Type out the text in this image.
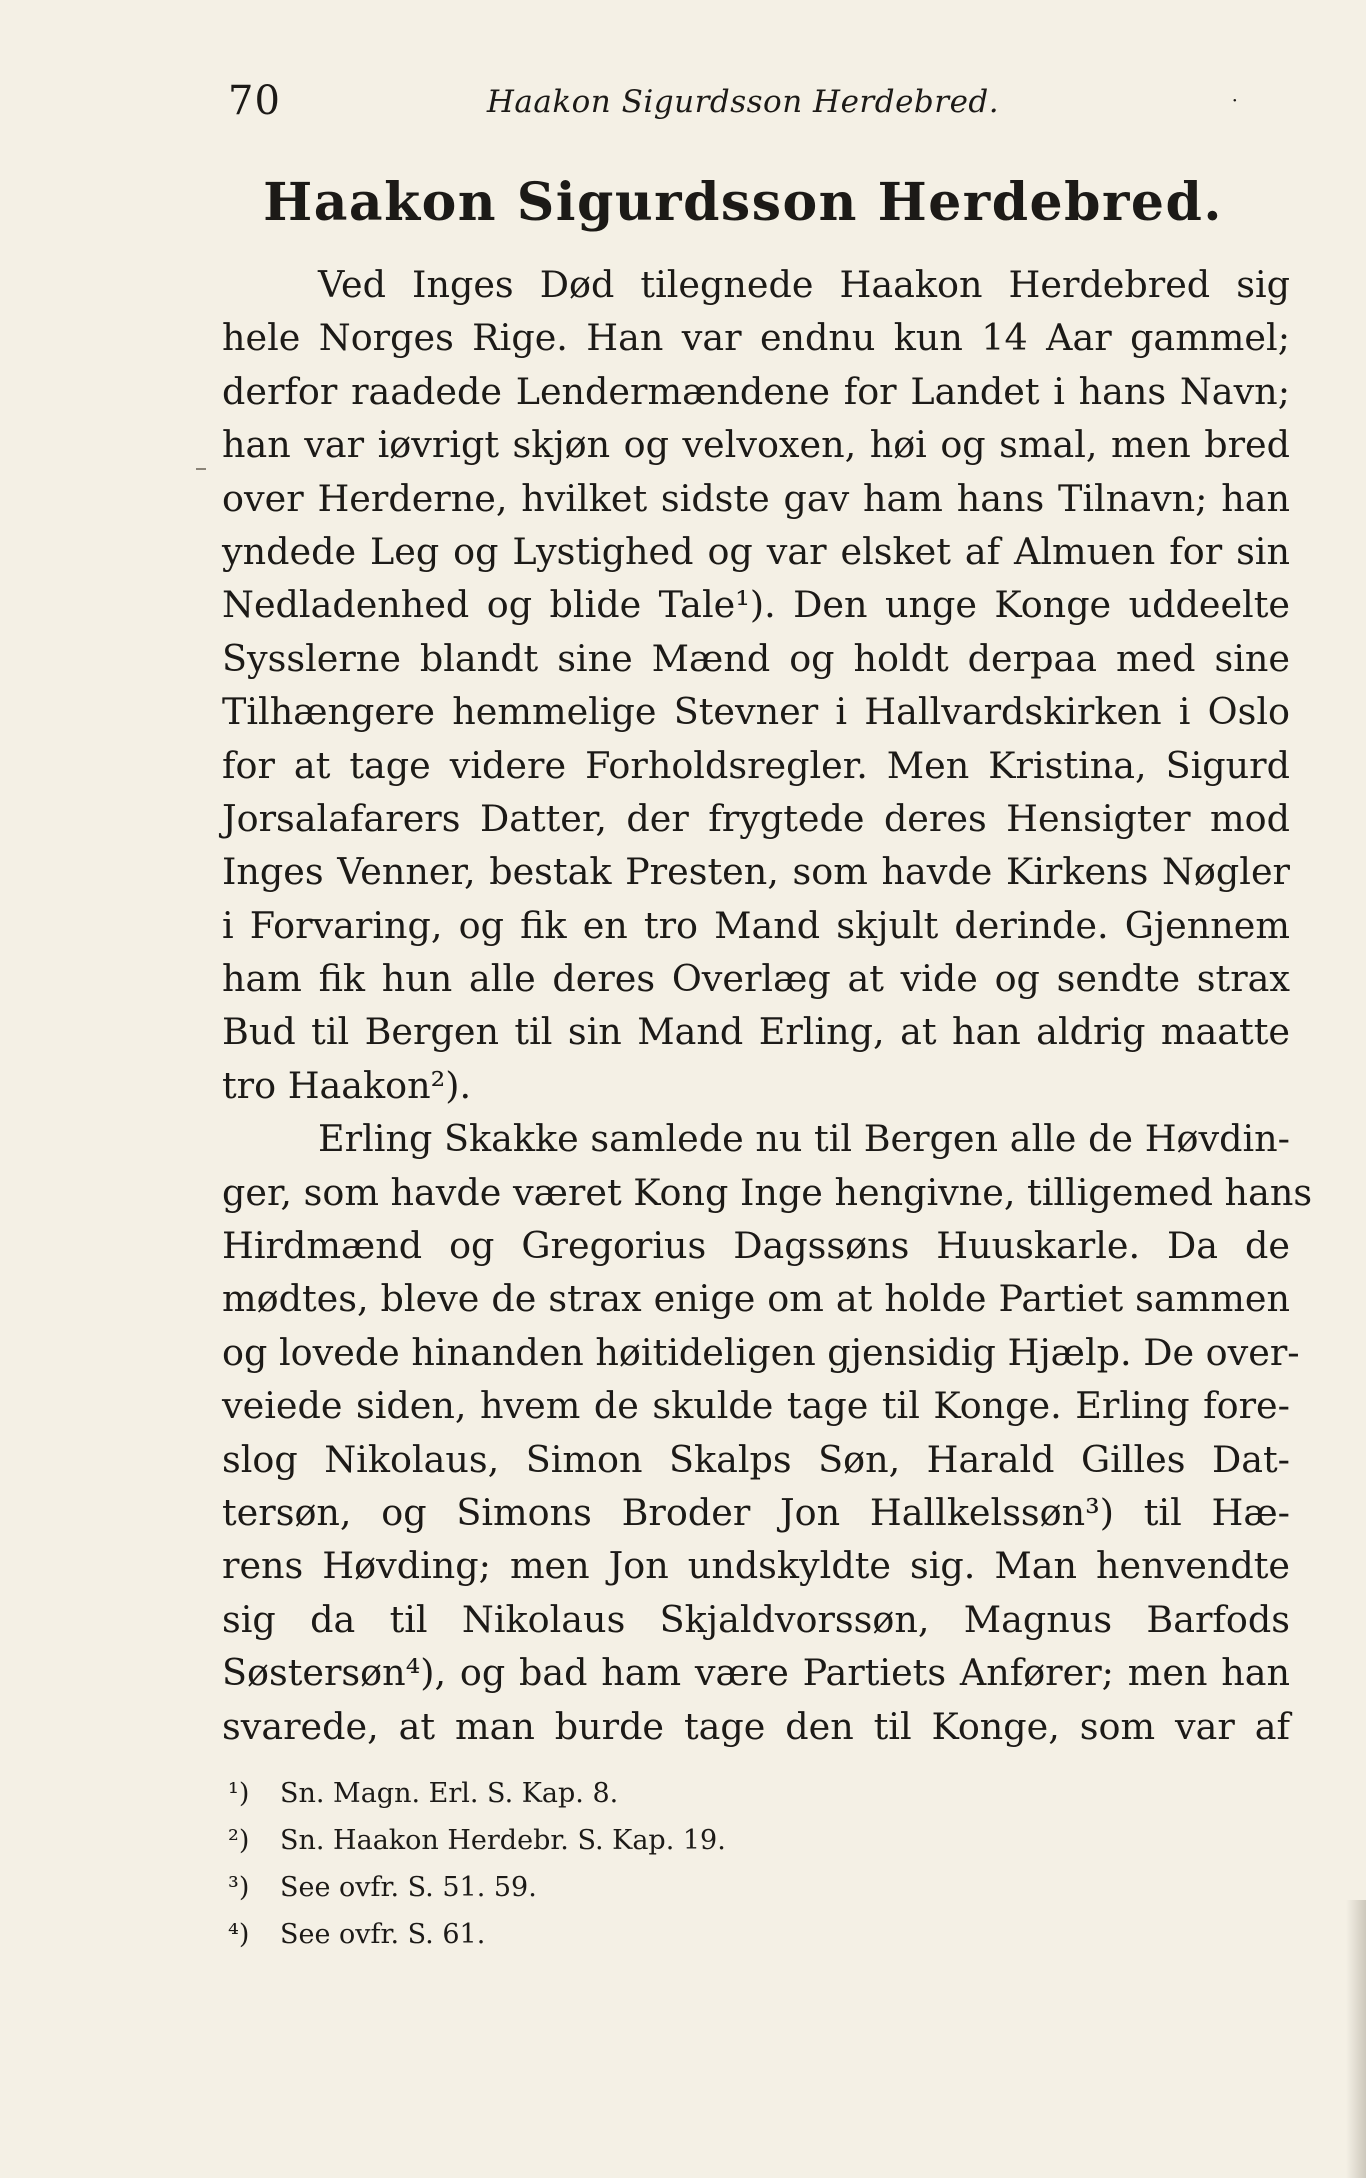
70	Haakon Sigurdsson Herdebred.	·
Haakon Sigurdsson Herdebred.
Ved Inges Død tilegnede Haakon Herdebred sig
hele Norges Rige. Han var endnu kun 14 Aar gammel;
derfor raadede Lendermændene for Landet i hans Navn;
han var iøvrigt skjøn og velvoxen, høi og smal, men bred
over Herderne, hvilket sidste gav ham hans Tilnavn; han
yndede Leg og Lystighed og var elsket af Almuen for sin
Nedladenhed og blide Tale¹). Den unge Konge uddeelte
Sysslerne blandt sine Mænd og holdt derpaa med sine
Tilhængere hemmelige Stevner i Hallvardskirken i Oslo
for at tage videre Forholdsregler. Men Kristina, Sigurd
Jorsalafarers Datter, der frygtede deres Hensigter mod
Inges Venner, bestak Presten, som havde Kirkens Nøgler
i Forvaring, og fik en tro Mand skjult derinde. Gjennem
ham fik hun alle deres Overlæg at vide og sendte strax
Bud til Bergen til sin Mand Erling, at han aldrig maatte
tro Haakon²).
Erling Skakke samlede nu til Bergen alle de Høvdin-
ger, som havde været Kong Inge hengivne, tilligemed hans
Hirdmænd og Gregorius Dagssøns Huuskarle. Da de
mødtes, bleve de strax enige om at holde Partiet sammen
og lovede hinanden høitideligen gjensidig Hjælp. De over-
veiede siden, hvem de skulde tage til Konge. Erling fore-
slog Nikolaus, Simon Skalps Søn, Harald Gilles Dat-
tersøn, og Simons Broder Jon Hallkelssøn³) til Hæ-
rens Høvding; men Jon undskyldte sig. Man henvendte
sig da til Nikolaus Skjaldvorssøn, Magnus Barfods
Søstersøn⁴), og bad ham være Partiets Anfører; men han
svarede, at man burde tage den til Konge, som var af
¹) Sn. Magn. Erl. S. Kap. 8.
²) Sn. Haakon Herdebr. S. Kap. 19.
³) See ovfr. S. 51. 59.
⁴) See ovfr. S. 61.
